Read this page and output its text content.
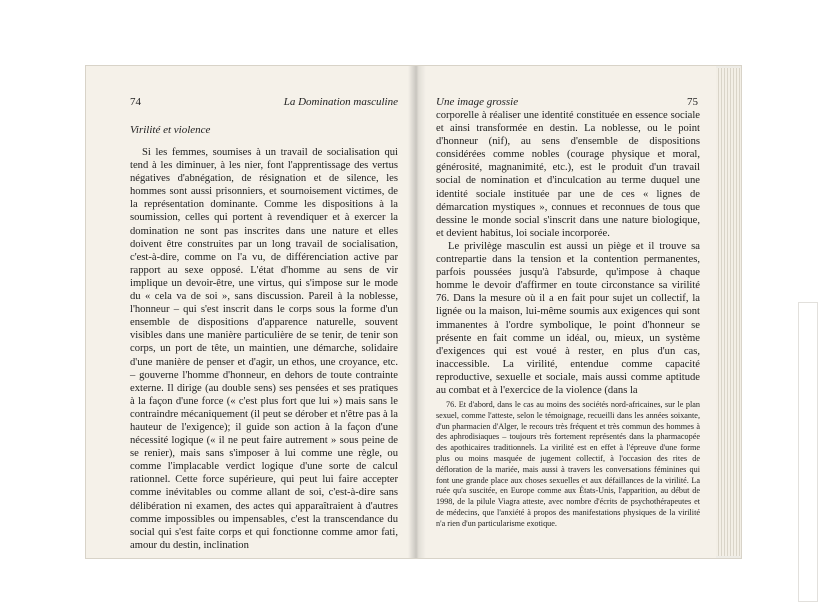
74	La Domination masculine
Virilité et violence

Si les femmes, soumises à un travail de socialisation qui tend à les diminuer, à les nier, font l'apprentissage des vertus négatives d'abnégation, de résignation et de silence, les hommes sont aussi prisonniers, et sournoisement victimes, de la représentation dominante. Comme les dispositions à la soumission, celles qui portent à revendiquer et à exercer la domination ne sont pas inscrites dans une nature et elles doivent être construites par un long travail de socialisation, c'est-à-dire, comme on l'a vu, de différenciation active par rapport au sexe opposé. L'état d'homme au sens de vir implique un devoir-être, une virtus, qui s'impose sur le mode du « cela va de soi », sans discussion. Pareil à la noblesse, l'honneur – qui s'est inscrit dans le corps sous la forme d'un ensemble de dispositions d'apparence naturelle, souvent visibles dans une manière particulière de se tenir, de tenir son corps, un port de tête, un maintien, une démarche, solidaire d'une manière de penser et d'agir, un ethos, une croyance, etc. – gouverne l'homme d'honneur, en dehors de toute contrainte externe. Il dirige (au double sens) ses pensées et ses pratiques à la façon d'une force (« c'est plus fort que lui ») mais sans le contraindre mécaniquement (il peut se dérober et n'être pas à la hauteur de l'exigence); il guide son action à la façon d'une nécessité logique (« il ne peut faire autrement » sous peine de se renier), mais sans s'imposer à lui comme une règle, ou comme l'implacable verdict logique d'une sorte de calcul rationnel. Cette force supérieure, qui peut lui faire accepter comme inévitables ou comme allant de soi, c'est-à-dire sans délibération ni examen, des actes qui apparaîtraient à d'autres comme impossibles ou impensables, c'est la transcendance du social qui s'est faite corps et qui fonctionne comme amor fati, amour du destin, inclination

Une image grossie	75

corporelle à réaliser une identité constituée en essence sociale et ainsi transformée en destin. La noblesse, ou le point d'honneur (nif), au sens d'ensemble de dispositions considérées comme nobles (courage physique et moral, générosité, magnanimité, etc.), est le produit d'un travail social de nomination et d'inculcation au terme duquel une identité sociale instituée par une de ces « lignes de démarcation mystiques », connues et reconnues de tous que dessine le monde social s'inscrit dans une nature biologique, et devient habitus, loi sociale incorporée.

Le privilège masculin est aussi un piège et il trouve sa contrepartie dans la tension et la contention permanentes, parfois poussées jusqu'à l'absurde, qu'impose à chaque homme le devoir d'affirmer en toute circonstance sa virilité 76. Dans la mesure où il a en fait pour sujet un collectif, la lignée ou la maison, lui-même soumis aux exigences qui sont immanentes à l'ordre symbolique, le point d'honneur se présente en fait comme un idéal, ou, mieux, un système d'exigences qui est voué à rester, en plus d'un cas, inaccessible. La virilité, entendue comme capacité reproductive, sexuelle et sociale, mais aussi comme aptitude au combat et à l'exercice de la violence (dans la

76. Et d'abord, dans le cas au moins des sociétés nord-africaines, sur le plan sexuel, comme l'atteste, selon le témoignage, recueilli dans les années soixante, d'un pharmacien d'Alger, le recours très fréquent et très commun des hommes à des aphrodisiaques – toujours très fortement représentés dans la pharmacopée des apothicaires traditionnels. La virilité est en effet à l'épreuve d'une forme plus ou moins masquée de jugement collectif, à l'occasion des rites de défloration de la mariée, mais aussi à travers les conversations féminines qui font une grande place aux choses sexuelles et aux défaillances de la virilité. La ruée qu'a suscitée, en Europe comme aux États-Unis, l'apparition, au début de 1998, de la pilule Viagra atteste, avec nombre d'écrits de psychothérapeutes et de médecins, que l'anxiété à propos des manifestations physiques de la virilité n'a rien d'un particularisme exotique.
